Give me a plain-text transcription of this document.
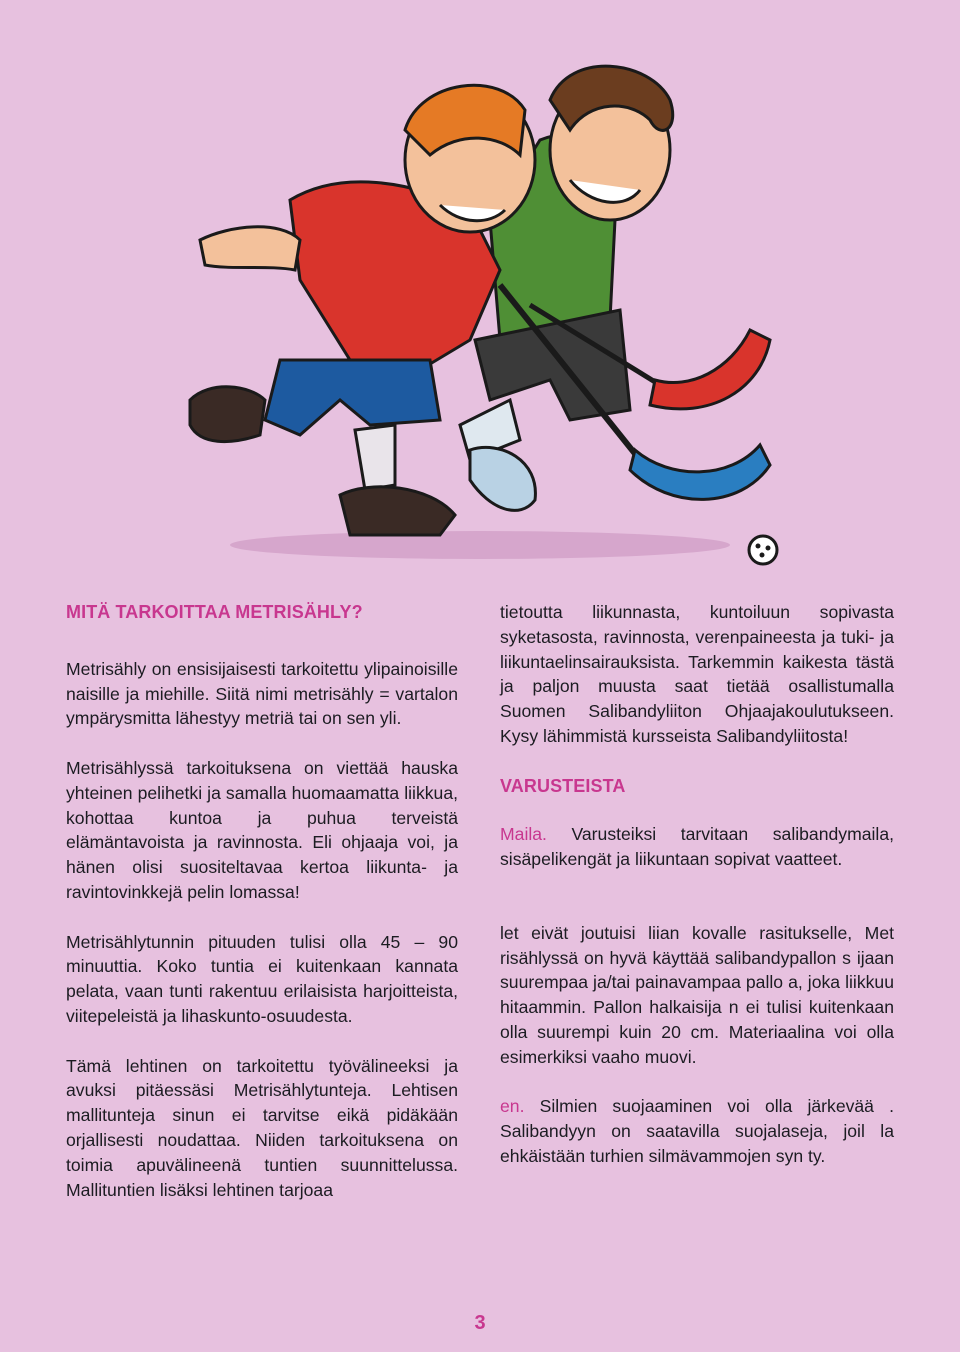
MITÄ TARKOITTAA METRISÄHLY?

Metrisähly on ensisijaisesti tarkoitettu ylipainoisille naisille ja miehille. Siitä nimi metrisähly = vartalon ympärysmitta lähestyy metriä tai on sen yli.

Metrisählyssä tarkoituksena on viettää hauska yhteinen pelihetki ja samalla huomaamatta liikkua, kohottaa kuntoa ja puhua terveistä elämäntavoista ja ravinnosta. Eli ohjaaja voi, ja hänen olisi suositeltavaa kertoa liikunta- ja ravintovinkkejä pelin lomassa!

Metrisählytunnin pituuden tulisi olla 45 – 90 minuuttia. Koko tuntia ei kuitenkaan kannata pelata, vaan tunti rakentuu erilaisista harjoitteista, viitepeleistä ja lihaskunto-osuudesta.

Tämä lehtinen on tarkoitettu työvälineeksi ja avuksi pitäessäsi Metrisählytunteja. Lehtisen mallitunteja sinun ei tarvitse eikä pidäkään orjallisesti noudattaa. Niiden tarkoituksena on toimia apuvälineenä tuntien suunnittelussa. Mallituntien lisäksi lehtinen tarjoaa

tietoutta liikunnasta, kuntoiluun sopivasta syketasosta, ravinnosta, verenpaineesta ja tuki- ja liikuntaelinsairauksista. Tarkemmin kaikesta tästä ja paljon muusta saat tietää osallistumalla Suomen Salibandyliiton Ohjaajakoulutukseen. Kysy lähimmistä kursseista Salibandyliitosta!

VARUSTEISTA

Maila. Varusteiksi tarvitaan salibandymaila, sisäpelikengät ja liikuntaan sopivat vaatteet.

let eivät joutuisi liian kovalle rasitukselle, Met risählyssä on hyvä käyttää salibandypallon s ijaan suurempaa ja/tai painavampaa pallo a, joka liikkuu hitaammin. Pallon halkaisija n ei tulisi kuitenkaan olla suurempi kuin 20 cm. Materiaalina voi olla esimerkiksi vaaho muovi.

en. Silmien suojaaminen voi olla järkevää . Salibandyyn on saatavilla suojalaseja, joil la ehkäistään turhien silmävammojen syn ty.

3
